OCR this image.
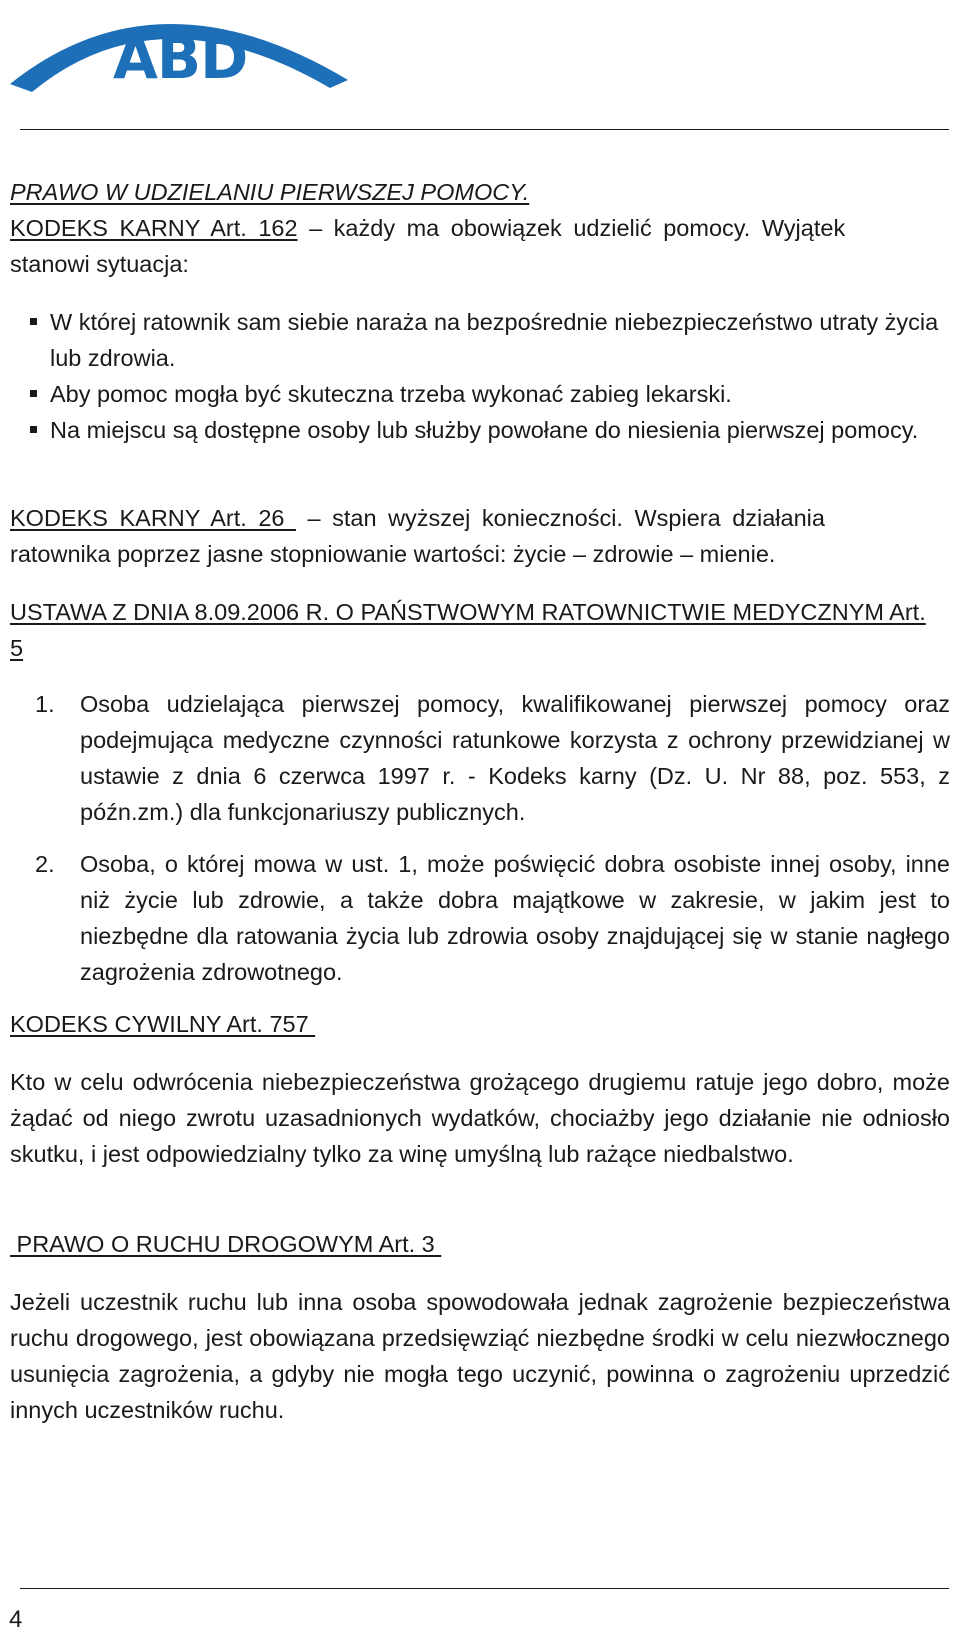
ABD
PRAWO W UDZIELANIU PIERWSZEJ POMOCY.
KODEKS KARNY Art. 162 – każdy ma obowiązek udzielić pomocy. Wyjątek
stanowi sytuacja:
W której ratownik sam siebie naraża na bezpośrednie niebezpieczeństwo utraty życia lub zdrowia.
Aby pomoc mogła być skuteczna trzeba wykonać zabieg lekarski.
Na miejscu są dostępne osoby lub służby powołane do niesienia pierwszej pomocy.
KODEKS KARNY Art. 26  – stan wyższej konieczności. Wspiera działania
ratownika poprzez jasne stopniowanie wartości: życie – zdrowie – mienie.
USTAWA Z DNIA 8.09.2006 R. O PAŃSTWOWYM RATOWNICTWIE MEDYCZNYM Art. 5
1. Osoba udzielająca pierwszej pomocy, kwalifikowanej pierwszej pomocy oraz podejmująca medyczne czynności ratunkowe korzysta z ochrony przewidzianej w ustawie z dnia 6 czerwca 1997 r. - Kodeks karny (Dz. U. Nr 88, poz. 553, z późn.zm.) dla funkcjonariuszy publicznych.
2. Osoba, o której mowa w ust. 1, może poświęcić dobra osobiste innej osoby, inne niż życie lub zdrowie, a także dobra majątkowe w zakresie, w jakim jest to niezbędne dla ratowania życia lub zdrowia osoby znajdującej się w stanie nagłego zagrożenia zdrowotnego.
KODEKS CYWILNY Art. 757
Kto w celu odwrócenia niebezpieczeństwa grożącego drugiemu ratuje jego dobro, może żądać od niego zwrotu uzasadnionych wydatków, chociażby jego działanie nie odniosło skutku, i jest odpowiedzialny tylko za winę umyślną lub rażące niedbalstwo.
PRAWO O RUCHU DROGOWYM Art. 3
Jeżeli uczestnik ruchu lub inna osoba spowodowała jednak zagrożenie bezpieczeństwa ruchu drogowego, jest obowiązana przedsięwziąć niezbędne środki w celu niezwłocznego usunięcia zagrożenia, a gdyby nie mogła tego uczynić, powinna o zagrożeniu uprzedzić innych uczestników ruchu.
4
